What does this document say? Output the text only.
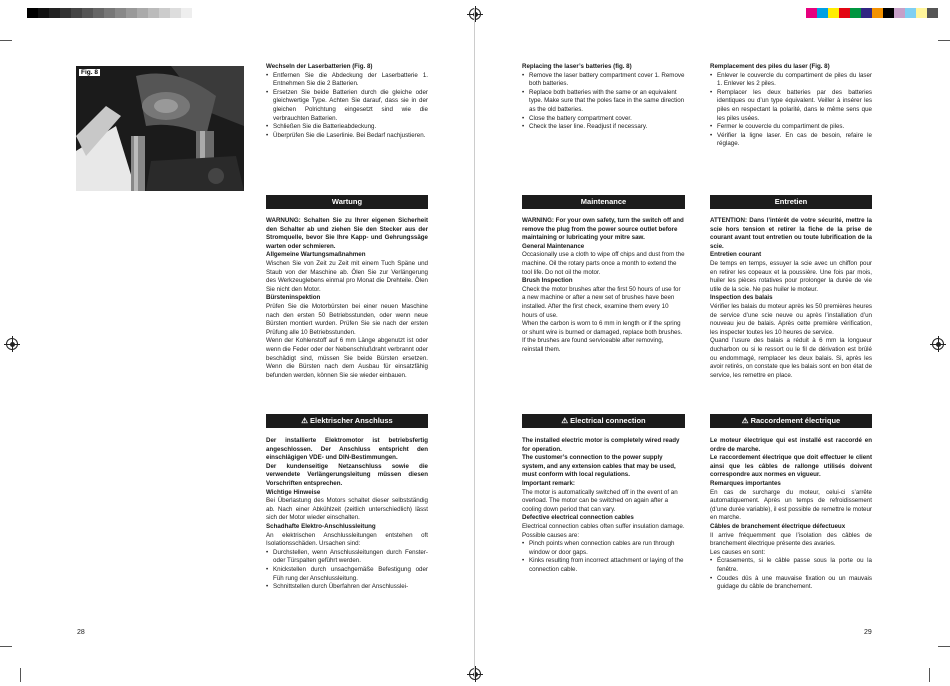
Fig. 8

Wechseln der Laserbatterien (Fig. 8)

• Entfernen Sie die Abdeckung der Laserbatterie 1. Entnehmen Sie die 2 Batterien.
• Ersetzen Sie beide Batterien durch die gleiche oder gleichwertige Type. Achten Sie darauf, dass sie in der gleichen Polrichtung eingesetzt sind wie die verbrauchten Batterien.
• Schließen Sie die Batterieabdeckung.
• Überprüfen Sie die Laserlinie. Bei Bedarf nachjustieren.
Wartung

WARNUNG: Schalten Sie zu Ihrer eigenen Sicherheit den Schalter ab und ziehen Sie den Stecker aus der Stromquelle, bevor Sie Ihre Kapp- und Gehrungssäge warten oder schmieren.

Allgemeine Wartungsmaßnahmen

Wischen Sie von Zeit zu Zeit mit einem Tuch Späne und Staub von der Maschine ab. Ölen Sie zur Verlängerung des Werkzeuglebens einmal pro Monat die Drehteile. Ölen Sie nicht den Motor.

Bürsteninspektion

Prüfen Sie die Motorbürsten bei einer neuen Maschine nach den ersten 50 Betriebsstunden, oder wenn neue Bürsten montiert wurden. Prüfen Sie sie nach der ersten Prüfung alle 10 Betriebsstunden.

Wenn der Kohlenstoff auf 6 mm Länge abgenutzt ist oder wenn die Feder oder der Nebenschlußdraht verbrannt oder beschädigt sind, müssen Sie beide Bürsten ersetzen. Wenn die Bürsten nach dem Ausbau für einsatzfähig befunden werden, können Sie sie wieder einbauen.

⚠ Elektrischer Anschluss

Der installierte Elektromotor ist betriebsfertig angeschlossen. Der Anschluss entspricht den einschlägigen VDE- und DIN-Bestimmungen.

Der kundenseitige Netzanschluss sowie die verwendete Verlängerungsleitung müssen diesen Vorschriften entsprechen.

Wichtige Hinweise

Bei Überlastung des Motors schaltet dieser selbstständig ab. Nach einer Abkühlzeit (zeitlich unterschiedlich) lässt sich der Motor wieder einschalten.

Schadhafte Elektro-Anschlussleitung

An elektrischen Anschlussleitungen entstehen oft Isolationsschäden. Ursachen sind:

• Durchstellen, wenn Anschlussleitungen durch Fenster- oder Türspalten geführt werden.
• Knickstellen durch unsachgemäße Befestigung oder Füh rung der Anschlussleitung.
• Schnittstellen durch Überfahren der Anschlusslei-

Replacing the laser’s batteries (fig. 8)

• Remove the laser battery compartment cover 1. Remove both batteries.
• Replace both batteries with the same or an equivalent type. Make sure that the poles face in the same direction as the old batteries.
• Close the battery compartment cover.
• Check the laser line. Readjust if necessary.
Maintenance

WARNING: For your own safety, turn the switch off and remove the plug from the power source outlet before maintaining or lubricating your mitre saw.

General Maintenance

Occasionally use a cloth to wipe off chips and dust from the machine. Oil the rotary parts once a month to extend the tool life. Do not oil the motor.

Brush Inspection

Check the motor brushes after the first 50 hours of use for a new machine or after a new set of brushes have been installed. After the first check, examine them every 10 hours of use.

When the carbon is worn to 6 mm in length or if the spring or shunt wire is burned or damaged, replace both brushes. If the brushes are found serviceable after removing, reinstall them.

⚠ Electrical connection

The installed electric motor is completely wired ready for operation.

The customer’s connection to the power supply system, and any extension cables that may be used, must conform with local regulations.

Important remark:

The motor is automatically switched off in the event of an overload. The motor can be switched on again after a cooling down period that can vary.

Defective electrical connection cables

Electrical connection cables often suffer insulation damage.

Possible causes are:

• Pinch points when connection cables are run through window or door gaps.
• Kinks resulting from incorrect attachment or laying of the connection cable.

Remplacement des piles du laser (Fig. 8)

• Enlever le couvercle du compartiment de piles du laser 1. Enlever les 2 piles.
• Remplacer les deux batteries par des batteries identiques ou d’un type équivalent. Veiller à insérer les piles en respectant la polarité, dans le même sens que les piles usées.
• Fermer le couvercle du compartiment de piles.
• Vérifier la ligne laser. En cas de besoin, refaire le réglage.
Entretien

ATTENTION: Dans l’intérêt de votre sécurité, mettre la scie hors tension et retirer la fiche de la prise de courant avant tout entretien ou toute lubrification de la scie.

Entretien courant

De temps en temps, essuyer la scie avec un chiffon pour en retirer les copeaux et la poussière. Une fois par mois, huiler les pièces rotatives pour prolonger la durée de vie utile de la scie. Ne pas huiler le moteur.

Inspection des balais

Vérifier les balais du moteur après les 50 premières heures de service d’une scie neuve ou après l’installation d’un nouveau jeu de balais. Après cette première vérification, les inspecter toutes les 10 heures de service.

Quand l’usure des balais a réduit à 6 mm la longueur ducharbon ou si le ressort ou le fil de dérivation est brûlé ou endommagé, remplacer les deux balais. Si, après les avoir retirés, on constate que les balais sont en bon état de service, les remettre en place.

⚠ Raccordement électrique

Le moteur électrique qui est installé est raccordé en ordre de marche.

Le raccordement électrique que doit effectuer le client ainsi que les câbles de rallonge utilisés doivent correspondre aux normes en vigueur.

Remarques importantes

En cas de surcharge du moteur, celui-ci s’arrête automatiquement. Après un temps de refroidissement (d’une durée variable), il est possible de remettre le moteur en marche.

Câbles de branchement électrique défectueux

Il arrive fréquemment que l’isolation des câbles de branchement électrique présente des avaries.

Les causes en sont:

• Écrasements, si le câble passe sous la porte ou la fenêtre.
• Coudes dûs à une mauvaise fixation ou un mauvais guidage du câble de branchement.
28	29
